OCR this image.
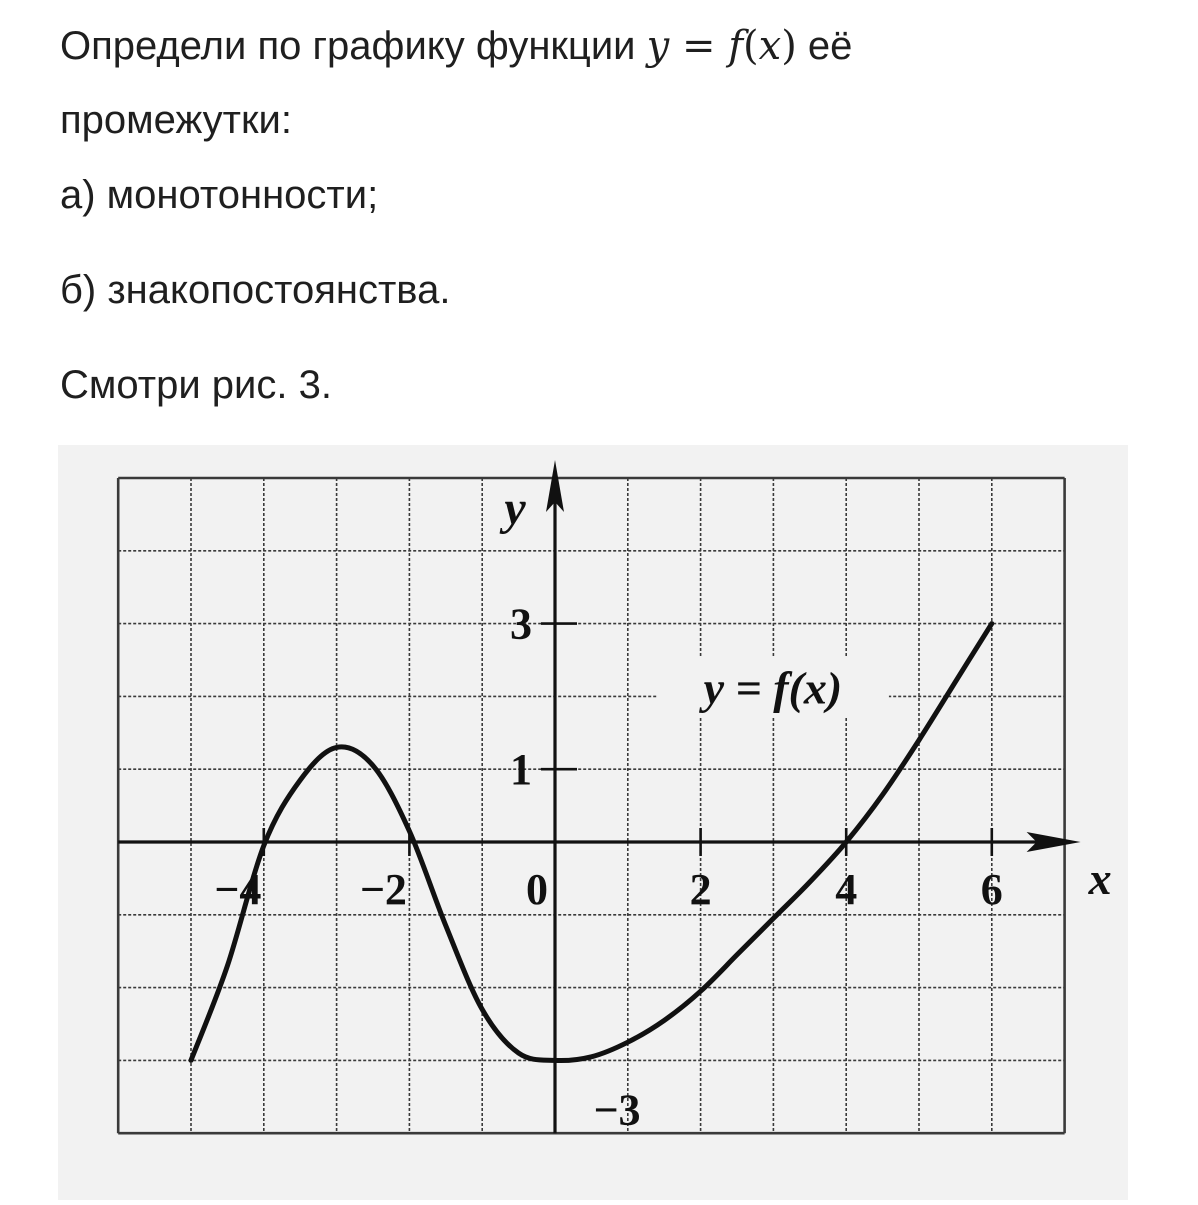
Определи по графику функции y = f(x) её
промежутки:
а) монотонности;
б) знакопостоянства.
Смотри рис. 3.
−4 −2	0	2	4	6
1
3
−3
x
y
y = f(x)
